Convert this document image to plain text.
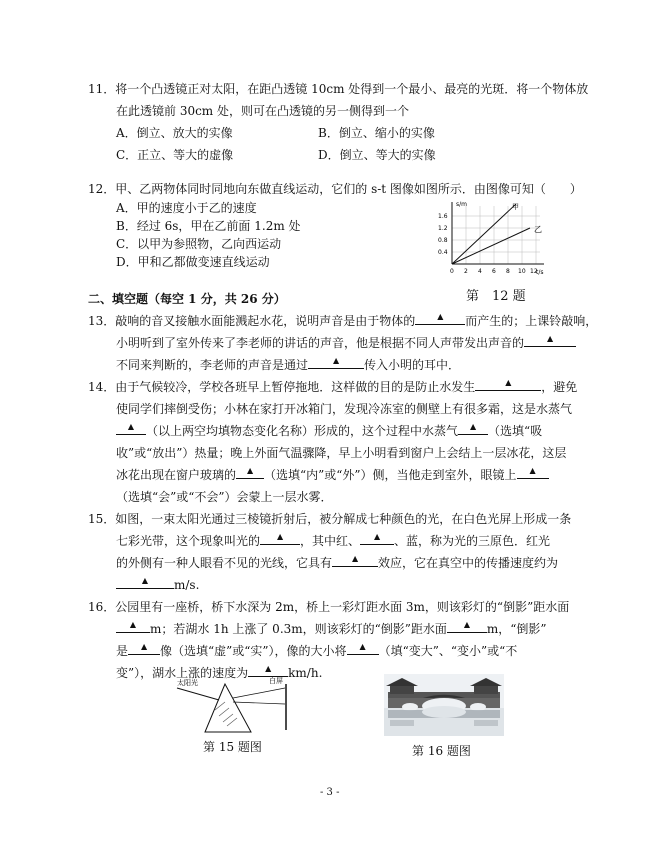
11．将一个凸透镜正对太阳，在距凸透镜 10cm 处得到一个最小、最亮的光斑．将一个物体放
在此透镜前 30cm 处，则可在凸透镜的另一侧得到一个
A．倒立、放大的实像	B．倒立、缩小的实像
C．正立、等大的虚像	D．倒立、等大的实像
12．甲、乙两物体同时同地向东做直线运动，它们的 s-t 图像如图所示．由图像可知（　　）
A．甲的速度小于乙的速度
B．经过 6s，甲在乙前面 1.2m 处
C．以甲为参照物，乙向西运动
D．甲和乙都做变速直线运动
s/m
t/s
1.6
1.2
0.8
0.4
0 2 4 6 8 10 12
甲
乙
第　12 题
二、填空题（每空 1 分，共 26 分）
13．敲响的音叉接触水面能溅起水花，说明声音是由于物体的 ▲	而产生的；上课铃敲响，
小明听到了室外传来了李老师的讲话的声音，他是根据不同人声带发出声音的▲
不同来判断的，李老师的声音是通过 ▲	传入小明的耳中．
14．由于气候较冷，学校各班早上暂停拖地．这样做的目的是防止水发生 ▲	，避免
使同学们摔倒受伤；小林在家打开冰箱门，发现冷冻室的侧壁上有很多霜，这是水蒸气
▲（以上两空均填物态变化名称）形成的，这个过程中水蒸气 ▲	（选填“吸
收”或“放出”）热量；晚上外面气温骤降，早上小明看到窗户上会结上一层冰花，这层
冰花出现在窗户玻璃的 ▲ （选填“内”或“外”）侧，当他走到室外，眼镜上▲
（选填“会”或“不会”）会蒙上一层水雾．
15．如图，一束太阳光通过三棱镜折射后，被分解成七种颜色的光，在白色光屏上形成一条
七彩光带，这个现象叫光的 ▲	，其中红、 ▲	、蓝，称为光的三原色．红光
的外侧有一种人眼看不见的光线，它具有 ▲	效应，它在真空中的传播速度约为
▲m/s.
16．公园里有一座桥，桥下水深为 2m，桥上一彩灯距水面 3m，则该彩灯的“倒影”距水面
▲m；若湖水 1h 上涨了 0.3m，则该彩灯的“倒影”距水面 ▲	m，“倒影”
是 ▲	像（选填“虚”或“实”），像的大小将 ▲	（填“变大”、“变小”或“不
变”），湖水上涨的速度为 ▲	km/h.
太阳光	白屏
第 15 题图	第 16 题图
- 3 -
